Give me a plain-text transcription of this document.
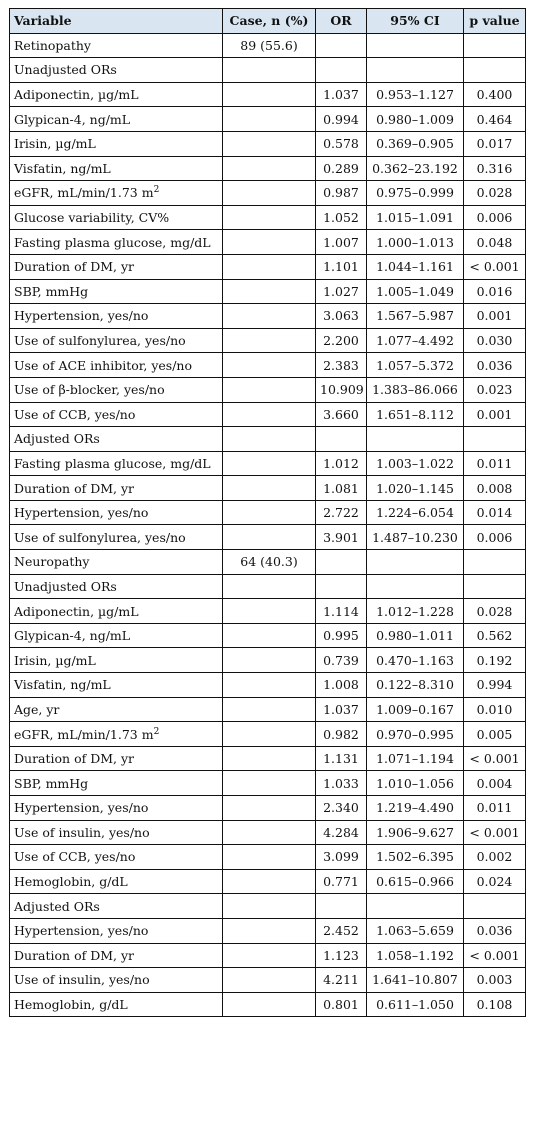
Variable	Case, n (%)	OR	95% CI	p value
Retinopathy	89 (55.6)			
Unadjusted ORs				
Adiponectin, µg/mL		1.037	0.953–1.127	0.400
Glypican-4, ng/mL		0.994	0.980–1.009	0.464
Irisin, µg/mL		0.578	0.369–0.905	0.017
Visfatin, ng/mL		0.289	0.362–23.192	0.316
eGFR, mL/min/1.73 $m^2$		0.987	0.975–0.999	0.028
Glucose variability, CV%		1.052	1.015–1.091	0.006
Fasting plasma glucose, mg/dL		1.007	1.000–1.013	0.048
Duration of DM, yr		1.101	1.044–1.161	< 0.001
SBP, mmHg		1.027	1.005–1.049	0.016
Hypertension, yes/no		3.063	1.567–5.987	0.001
Use of sulfonylurea, yes/no		2.200	1.077–4.492	0.030
Use of ACE inhibitor, yes/no		2.383	1.057–5.372	0.036
Use of β-blocker, yes/no		10.909	1.383–86.066	0.023
Use of CCB, yes/no		3.660	1.651–8.112	0.001
Adjusted ORs				
Fasting plasma glucose, mg/dL		1.012	1.003–1.022	0.011
Duration of DM, yr		1.081	1.020–1.145	0.008
Hypertension, yes/no		2.722	1.224–6.054	0.014
Use of sulfonylurea, yes/no		3.901	1.487–10.230	0.006
Neuropathy	64 (40.3)			
Unadjusted ORs				
Adiponectin, µg/mL		1.114	1.012–1.228	0.028
Glypican-4, ng/mL		0.995	0.980–1.011	0.562
Irisin, µg/mL		0.739	0.470–1.163	0.192
Visfatin, ng/mL		1.008	0.122–8.310	0.994
Age, yr		1.037	1.009–0.167	0.010
eGFR, mL/min/1.73 $m^2$		0.982	0.970–0.995	0.005
Duration of DM, yr		1.131	1.071–1.194	< 0.001
SBP, mmHg		1.033	1.010–1.056	0.004
Hypertension, yes/no		2.340	1.219–4.490	0.011
Use of insulin, yes/no		4.284	1.906–9.627	< 0.001
Use of CCB, yes/no		3.099	1.502–6.395	0.002
Hemoglobin, g/dL		0.771	0.615–0.966	0.024
Adjusted ORs				
Hypertension, yes/no		2.452	1.063–5.659	0.036
Duration of DM, yr		1.123	1.058–1.192	< 0.001
Use of insulin, yes/no		4.211	1.641–10.807	0.003
Hemoglobin, g/dL		0.801	0.611–1.050	0.108
